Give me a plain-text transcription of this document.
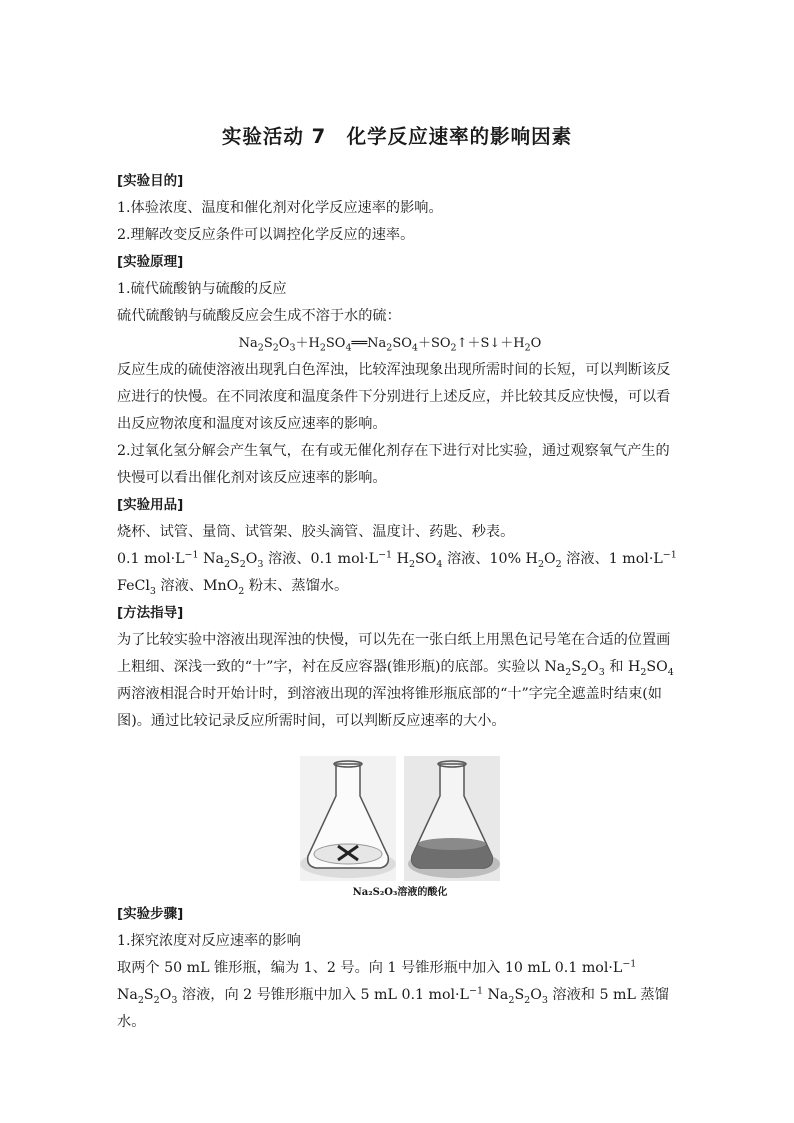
实验活动 7　化学反应速率的影响因素
[实验目的]
1.体验浓度、温度和催化剂对化学反应速率的影响。
2.理解改变反应条件可以调控化学反应的速率。
[实验原理]
1.硫代硫酸钠与硫酸的反应
硫代硫酸钠与硫酸反应会生成不溶于水的硫：
$Na_2S_2O_3+H_2SO_4══Na_2SO_4+SO_2↑+S↓+H_2O$
反应生成的硫使溶液出现乳白色浑浊，比较浑浊现象出现所需时间的长短，可以判断该反应进行的快慢。在不同浓度和温度条件下分别进行上述反应，并比较其反应快慢，可以看出反应物浓度和温度对该反应速率的影响。
2.过氧化氢分解会产生氧气，在有或无催化剂存在下进行对比实验，通过观察氧气产生的快慢可以看出催化剂对该反应速率的影响。
[实验用品]
烧杯、试管、量筒、试管架、胶头滴管、温度计、药匙、秒表。
0.1 $mol\cdot L^{-1}$ $Na_2S_2O_3$ 溶液、0.1 $mol\cdot L^{-1}$ $H_2SO_4$ 溶液、10% $H_2O_2$ 溶液、1 $mol\cdot L^{-1}$ FeCl$_3$ 溶液、MnO$_2$ 粉末、蒸馏水。
[方法指导]
为了比较实验中溶液出现浑浊的快慢，可以先在一张白纸上用黑色记号笔在合适的位置画上粗细、深浅一致的“十”字，衬在反应容器(锥形瓶)的底部。实验以 $Na_2S_2O_3$ 和 $H_2SO_4$ 两溶液相混合时开始计时，到溶液出现的浑浊将锥形瓶底部的“十”字完全遮盖时结束(如图)。通过比较记录反应所需时间，可以判断反应速率的大小。
Na₂S₂O₃溶液的酸化
[实验步骤]
1.探究浓度对反应速率的影响
取两个 50 mL 锥形瓶，编为 1、2 号。向 1 号锥形瓶中加入 10 mL 0.1 $mol\cdot L^{-1}$ $Na_2S_2O_3$ 溶液，向 2 号锥形瓶中加入 5 mL 0.1 $mol\cdot L^{-1}$ $Na_2S_2O_3$ 溶液和 5 mL 蒸馏水。
